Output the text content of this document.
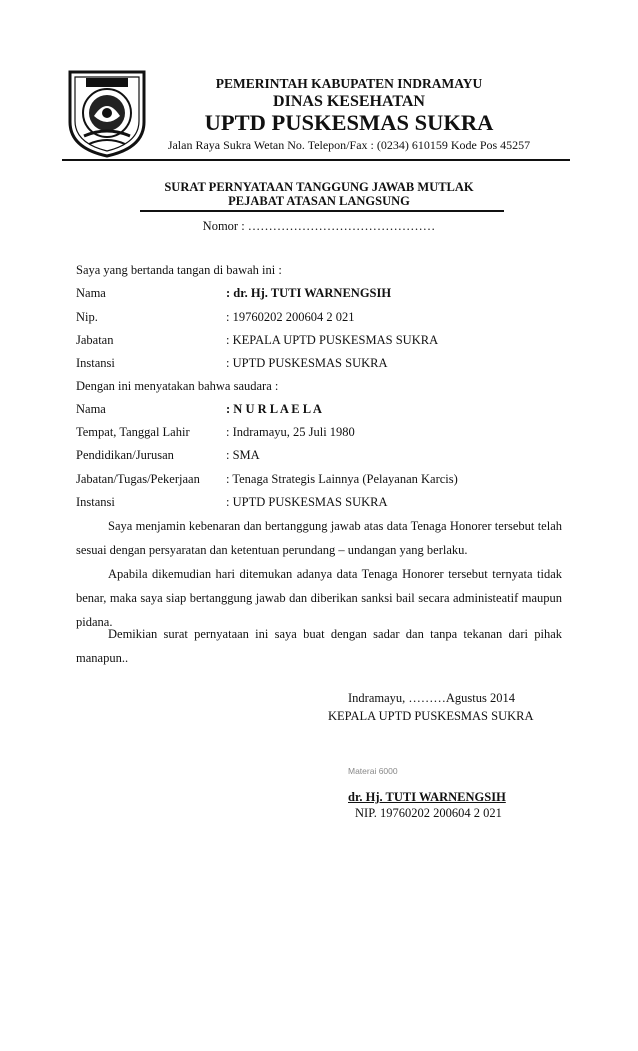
PEMERINTAH KABUPATEN INDRAMAYU
DINAS KESEHATAN
UPTD PUSKESMAS SUKRA
Jalan Raya Sukra Wetan No. Telepon/Fax : (0234) 610159 Kode Pos 45257
SURAT PERNYATAAN TANGGUNG JAWAB MUTLAK
PEJABAT ATASAN LANGSUNG
Nomor : ………………………………………
Saya yang bertanda tangan di bawah ini :
Nama	: dr. Hj. TUTI WARNENGSIH
Nip.	: 19760202 200604 2 021
Jabatan	: KEPALA UPTD PUSKESMAS SUKRA
Instansi	: UPTD PUSKESMAS SUKRA
Dengan ini menyatakan bahwa saudara :
Nama	: N U R L A E L A
Tempat, Tanggal Lahir	: Indramayu, 25 Juli 1980
Pendidikan/Jurusan	: SMA
Jabatan/Tugas/Pekerjaan : Tenaga Strategis Lainnya (Pelayanan Karcis)
Instansi	: UPTD PUSKESMAS SUKRA
Saya menjamin kebenaran dan bertanggung jawab atas data Tenaga Honorer tersebut telah sesuai dengan persyaratan dan ketentuan perundang – undangan yang berlaku.
Apabila dikemudian hari ditemukan adanya data Tenaga Honorer tersebut ternyata tidak benar, maka saya siap bertanggung jawab dan diberikan sanksi bail secara administeatif maupun pidana.
Demikian surat pernyataan ini saya buat dengan sadar dan tanpa tekanan dari pihak manapun..
Indramayu, ………Agustus 2014
KEPALA UPTD PUSKESMAS SUKRA
Materai 6000
dr. Hj. TUTI WARNENGSIH
NIP. 19760202 200604 2 021
